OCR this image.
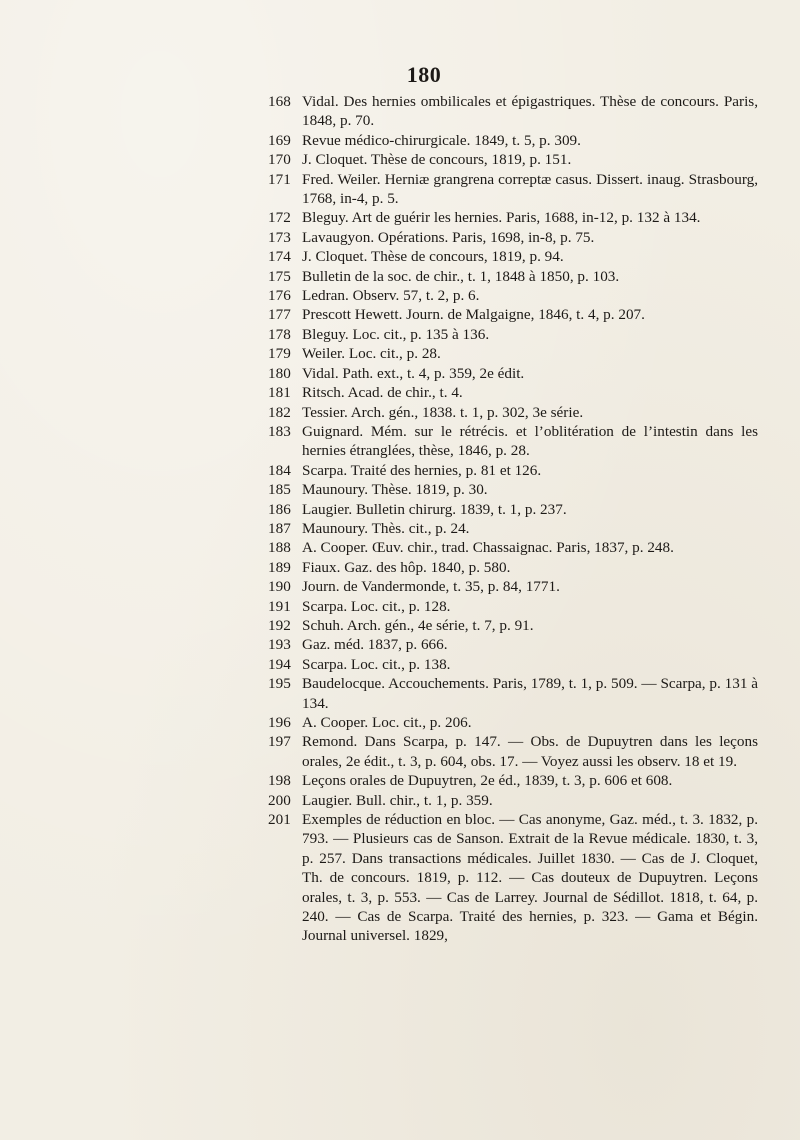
180
168 Vidal. Des hernies ombilicales et épigastriques. Thèse de concours. Paris, 1848, p. 70.
169 Revue médico-chirurgicale. 1849, t. 5, p. 309.
170 J. Cloquet. Thèse de concours, 1819, p. 151.
171 Fred. Weiler. Herniæ grangrena correptæ casus. Dissert. inaug. Strasbourg, 1768, in-4, p. 5.
172 Bleguy. Art de guérir les hernies. Paris, 1688, in-12, p. 132 à 134.
173 Lavaugyon. Opérations. Paris, 1698, in-8, p. 75.
174 J. Cloquet. Thèse de concours, 1819, p. 94.
175 Bulletin de la soc. de chir., t. 1, 1848 à 1850, p. 103.
176 Ledran. Observ. 57, t. 2, p. 6.
177 Prescott Hewett. Journ. de Malgaigne, 1846, t. 4, p. 207.
178 Bleguy. Loc. cit., p. 135 à 136.
179 Weiler. Loc. cit., p. 28.
180 Vidal. Path. ext., t. 4, p. 359, 2e édit.
181 Ritsch. Acad. de chir., t. 4.
182 Tessier. Arch. gén., 1838. t. 1, p. 302, 3e série.
183 Guignard. Mém. sur le rétrécis. et l’oblitération de l’intestin dans les hernies étranglées, thèse, 1846, p. 28.
184 Scarpa. Traité des hernies, p. 81 et 126.
185 Maunoury. Thèse. 1819, p. 30.
186 Laugier. Bulletin chirurg. 1839, t. 1, p. 237.
187 Maunoury. Thès. cit., p. 24.
188 A. Cooper. Œuv. chir., trad. Chassaignac. Paris, 1837, p. 248.
189 Fiaux. Gaz. des hôp. 1840, p. 580.
190 Journ. de Vandermonde, t. 35, p. 84, 1771.
191 Scarpa. Loc. cit., p. 128.
192 Schuh. Arch. gén., 4e série, t. 7, p. 91.
193 Gaz. méd. 1837, p. 666.
194 Scarpa. Loc. cit., p. 138.
195 Baudelocque. Accouchements. Paris, 1789, t. 1, p. 509. — Scarpa, p. 131 à 134.
196 A. Cooper. Loc. cit., p. 206.
197 Remond. Dans Scarpa, p. 147. — Obs. de Dupuytren dans les leçons orales, 2e édit., t. 3, p. 604, obs. 17. — Voyez aussi les observ. 18 et 19.
198 Leçons orales de Dupuytren, 2e éd., 1839, t. 3, p. 606 et 608.
200 Laugier. Bull. chir., t. 1, p. 359.
201 Exemples de réduction en bloc. — Cas anonyme, Gaz. méd., t. 3. 1832, p. 793. — Plusieurs cas de Sanson. Extrait de la Revue médicale. 1830, t. 3, p. 257. Dans transactions médicales. Juillet 1830. — Cas de J. Cloquet, Th. de concours. 1819, p. 112. — Cas douteux de Dupuytren. Leçons orales, t. 3, p. 553. — Cas de Larrey. Journal de Sédillot. 1818, t. 64, p. 240. — Cas de Scarpa. Traité des hernies, p. 323. — Gama et Bégin. Journal universel. 1829,
